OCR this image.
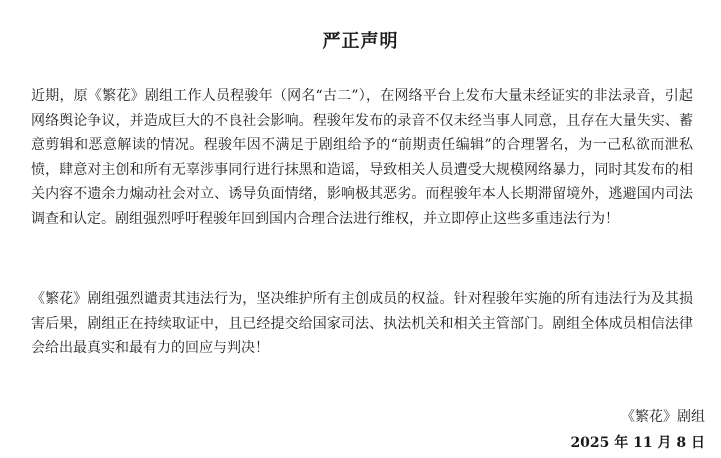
严正声明

近期，原《繁花》剧组工作人员程骏年（网名“古二”），在网络平台上发布大量未经证实的非法录音，引起网络舆论争议，并造成巨大的不良社会影响。程骏年发布的录音不仅未经当事人同意，且存在大量失实、蓄意剪辑和恶意解读的情况。程骏年因不满足于剧组给予的“前期责任编辑”的合理署名，为一己私欲而泄私愤，肆意对主创和所有无辜涉事同行进行抹黑和造谣，导致相关人员遭受大规模网络暴力，同时其发布的相关内容不遗余力煽动社会对立、诱导负面情绪，影响极其恶劣。而程骏年本人长期滞留境外，逃避国内司法调查和认定。剧组强烈呼吁程骏年回到国内合理合法进行维权，并立即停止这些多重违法行为！

《繁花》剧组强烈谴责其违法行为，坚决维护所有主创成员的权益。针对程骏年实施的所有违法行为及其损害后果，剧组正在持续取证中，且已经提交给国家司法、执法机关和相关主管部门。剧组全体成员相信法律会给出最真实和最有力的回应与判决！

《繁花》剧组
2025 年 11 月 8 日
